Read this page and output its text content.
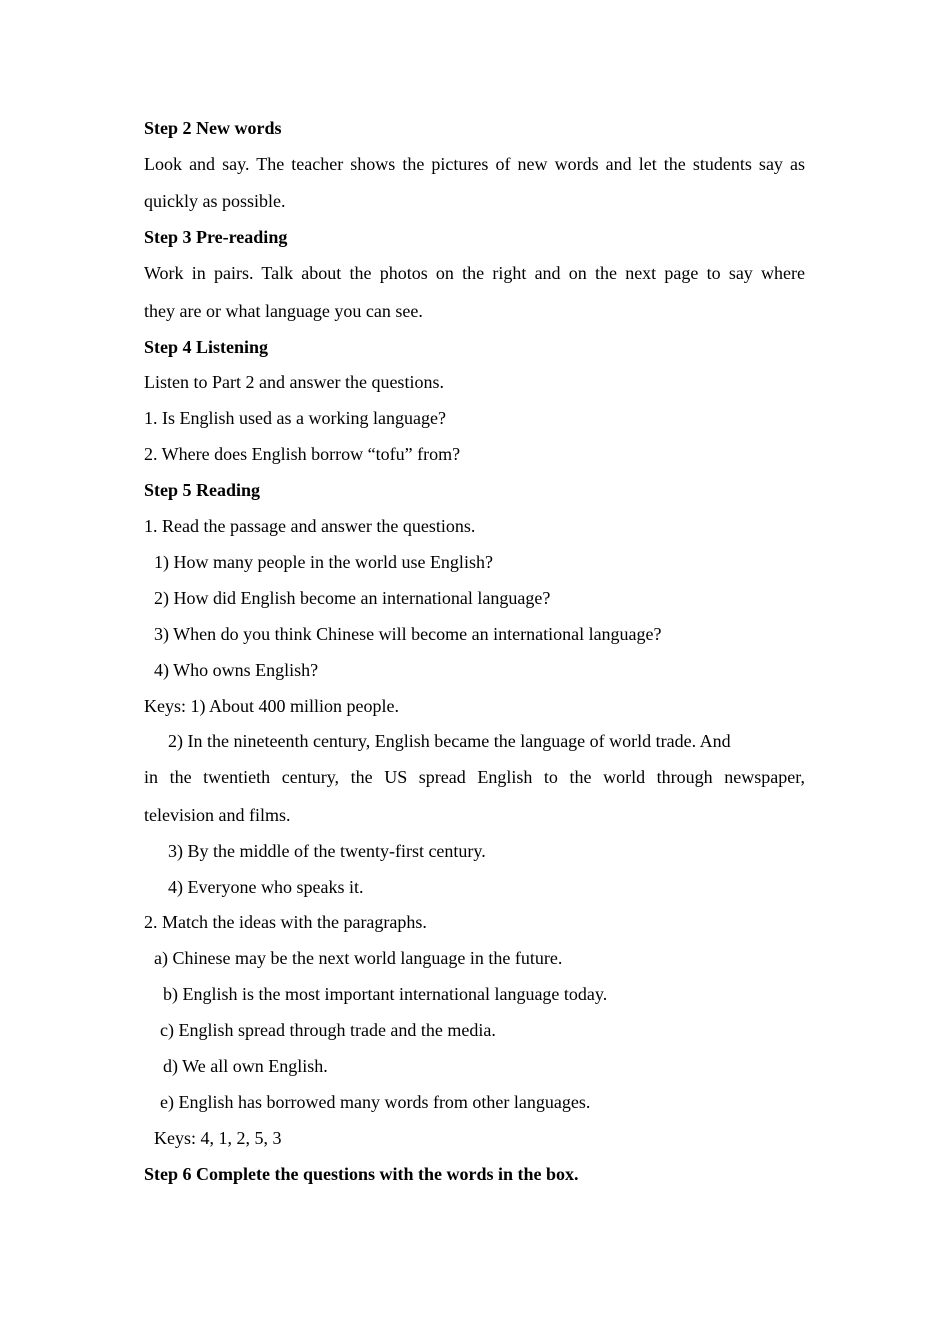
Step 2 New words
Look and say. The teacher shows the pictures of new words and let the students say as
quickly as possible.
Step 3 Pre-reading
Work in pairs. Talk about the photos on the right and on the next page to say where
they are or what language you can see.
Step 4 Listening
Listen to Part 2 and answer the questions.
1. Is English used as a working language?
2. Where does English borrow “tofu” from?
Step 5 Reading
1. Read the passage and answer the questions.
1) How many people in the world use English?
2) How did English become an international language?
3) When do you think Chinese will become an international language?
4) Who owns English?
Keys: 1) About 400 million people.
2) In the nineteenth century, English became the language of world trade. And
in the twentieth century, the US spread English to the world through newspaper,
television and films.
3) By the middle of the twenty-first century.
4) Everyone who speaks it.
2. Match the ideas with the paragraphs.
a) Chinese may be the next world language in the future.
b) English is the most important international language today.
c) English spread through trade and the media.
d) We all own English.
e) English has borrowed many words from other languages.
Keys: 4, 1, 2, 5, 3
Step 6 Complete the questions with the words in the box.
